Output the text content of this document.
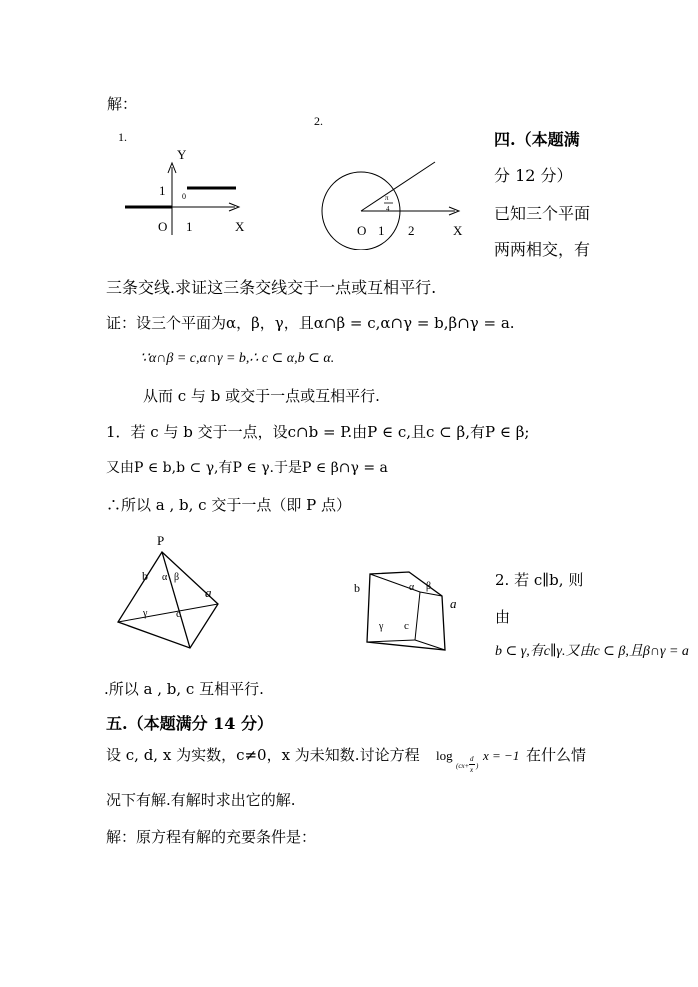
解：
1.
Y
1 0
O 1	X
2.
π
4
O 1 2	X
四.（本题满
分 12 分）
已知三个平面
两两相交，有
三条交线.求证这三条交线交于一点或互相平行.
证：设三个平面为α，β，γ，且α∩β = c,α∩γ = b,β∩γ = a.
∵α∩β = c,α∩γ = b,∴ c ⊂ α,b ⊂ α.
从而 c 与 b 或交于一点或互相平行.
1．若 c 与 b 交于一点，设c∩b = P.由P ∈ c,且c ⊂ β,有P ∈ β;
又由P ∈ b,b ⊂ γ,有P ∈ γ.于是P ∈ β∩γ = a
∴所以 a , b, c 交于一点（即 P 点）
P
b α β
a
γ	c
b	α β
a
γ c
2. 若 c∥b, 则
由
b ⊂ γ,有c∥γ.又由c ⊂ β,且β∩γ = a
.所以 a , b, c 互相平行.
五.（本题满分 14 分）
设 c, d, x 为实数，c≠0，x 为未知数.讨论方程 log
(cx+
d
x )
x = −1 在什么情
况下有解.有解时求出它的解.
解：原方程有解的充要条件是：
